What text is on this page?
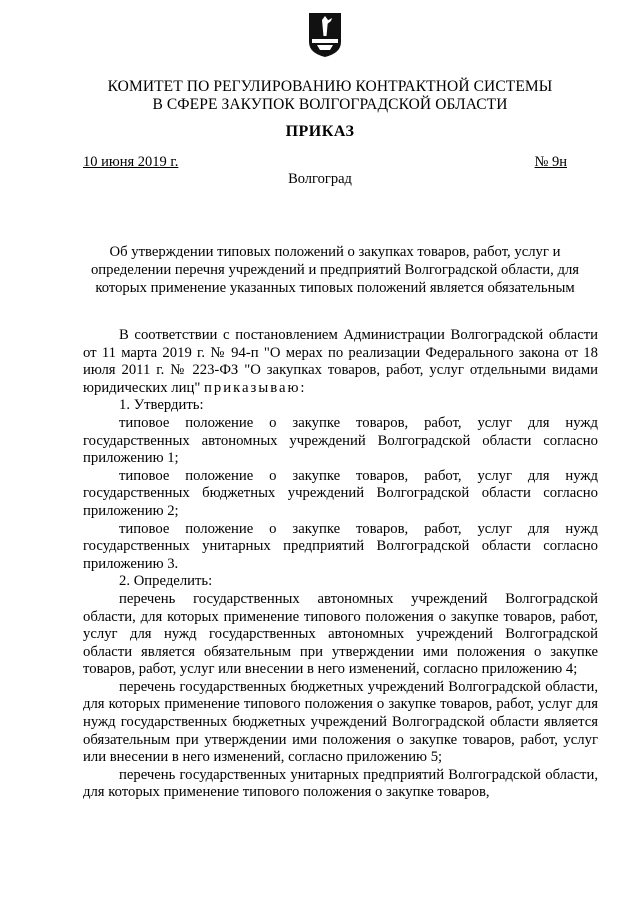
КОМИТЕТ ПО РЕГУЛИРОВАНИЮ КОНТРАКТНОЙ СИСТЕМЫ
В СФЕРЕ ЗАКУПОК ВОЛГОГРАДСКОЙ ОБЛАСТИ
ПРИКАЗ
10 июня 2019 г.	№ 9н
Волгоград
Об утверждении типовых положений о закупках товаров, работ, услуг и
определении перечня учреждений и предприятий Волгоградской области, для
которых применение указанных типовых положений является обязательным

В соответствии с постановлением Администрации Волгоградской области от 11 марта 2019 г. № 94-п "О мерах по реализации Федерального закона от 18 июля 2011 г. № 223-ФЗ "О закупках товаров, работ, услуг отдельными видами юридических лиц" приказываю:

1. Утвердить:

типовое положение о закупке товаров, работ, услуг для нужд государственных автономных учреждений Волгоградской области согласно приложению 1;

типовое положение о закупке товаров, работ, услуг для нужд государственных бюджетных учреждений Волгоградской области согласно приложению 2;

типовое положение о закупке товаров, работ, услуг для нужд государственных унитарных предприятий Волгоградской области согласно приложению 3.

2. Определить:

перечень государственных автономных учреждений Волгоградской области, для которых применение типового положения о закупке товаров, работ, услуг для нужд государственных автономных учреждений Волгоградской области является обязательным при утверждении ими положения о закупке товаров, работ, услуг или внесении в него изменений, согласно приложению 4;

перечень государственных бюджетных учреждений Волгоградской области, для которых применение типового положения о закупке товаров, работ, услуг для нужд государственных бюджетных учреждений Волгоградской области является обязательным при утверждении ими положения о закупке товаров, работ, услуг или внесении в него изменений, согласно приложению 5;

перечень государственных унитарных предприятий Волгоградской области, для которых применение типового положения о закупке товаров,
